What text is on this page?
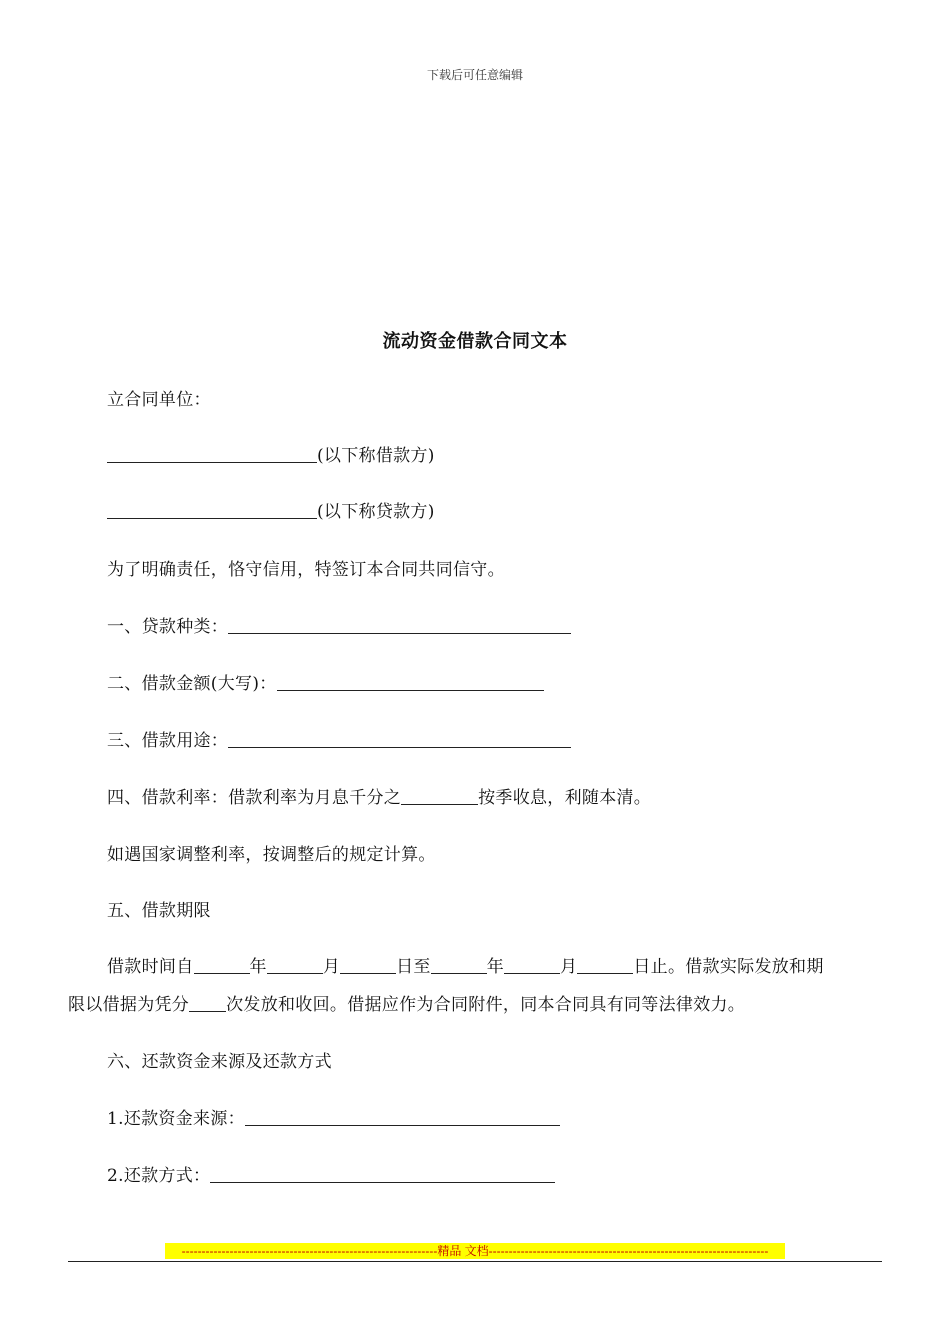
下载后可任意编辑
流动资金借款合同文本
立合同单位：
(以下称借款方)
(以下称贷款方)
为了明确责任，恪守信用，特签订本合同共同信守。
一、贷款种类：
二、借款金额(大写)：
三、借款用途：
四、借款利率：借款利率为月息千分之	按季收息，利随本清。
如遇国家调整利率，按调整后的规定计算。
五、借款期限
借款时间自	年	月	日至	年	月	日止。借款实际发放和期
限以借据为凭分 次发放和收回。借据应作为合同附件，同本合同具有同等法律效力。
六、还款资金来源及还款方式
1.还款资金来源：
2.还款方式：
----------------------------------------------------------------精品 文档----------------------------------------------------------------------
